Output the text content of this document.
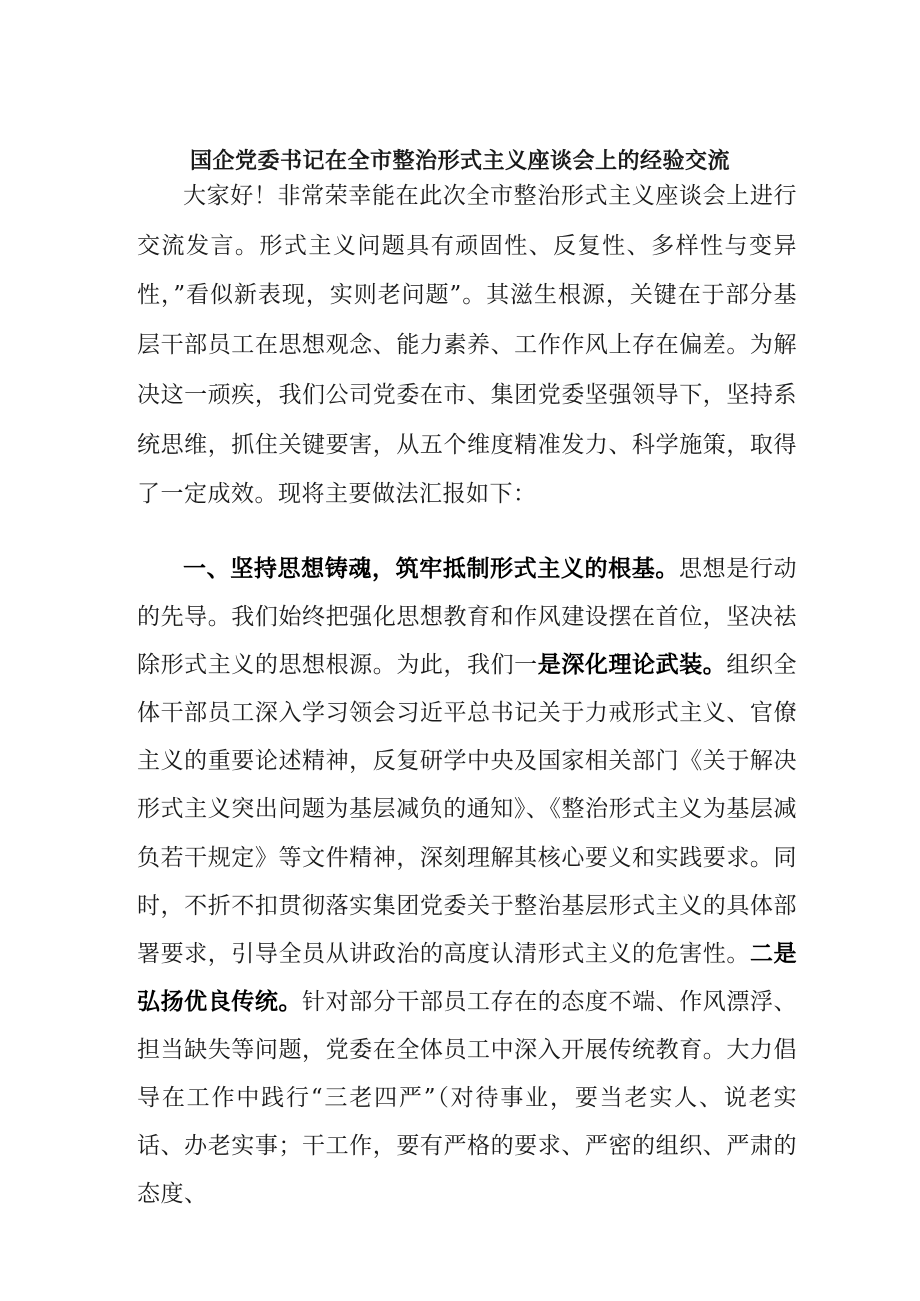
国企党委书记在全市整治形式主义座谈会上的经验交流

大家好！非常荣幸能在此次全市整治形式主义座谈会上进行交流发言。形式主义问题具有顽固性、反复性、多样性与变异性，”看似新表现，实则老问题”。其滋生根源，关键在于部分基层干部员工在思想观念、能力素养、工作作风上存在偏差。为解决这一顽疾，我们公司党委在市、集团党委坚强领导下，坚持系统思维，抓住关键要害，从五个维度精准发力、科学施策，取得了一定成效。现将主要做法汇报如下：

一、坚持思想铸魂，筑牢抵制形式主义的根基。思想是行动的先导。我们始终把强化思想教育和作风建设摆在首位，坚决祛除形式主义的思想根源。为此，我们一是深化理论武装。组织全体干部员工深入学习领会习近平总书记关于力戒形式主义、官僚主义的重要论述精神，反复研学中央及国家相关部门《关于解决形式主义突出问题为基层减负的通知》、《整治形式主义为基层减负若干规定》等文件精神，深刻理解其核心要义和实践要求。同时，不折不扣贯彻落实集团党委关于整治基层形式主义的具体部署要求，引导全员从讲政治的高度认清形式主义的危害性。二是弘扬优良传统。针对部分干部员工存在的态度不端、作风漂浮、担当缺失等问题，党委在全体员工中深入开展传统教育。大力倡导在工作中践行“三老四严”（对待事业，要当老实人、说老实话、办老实事；干工作，要有严格的要求、严密的组织、严肃的态度、
